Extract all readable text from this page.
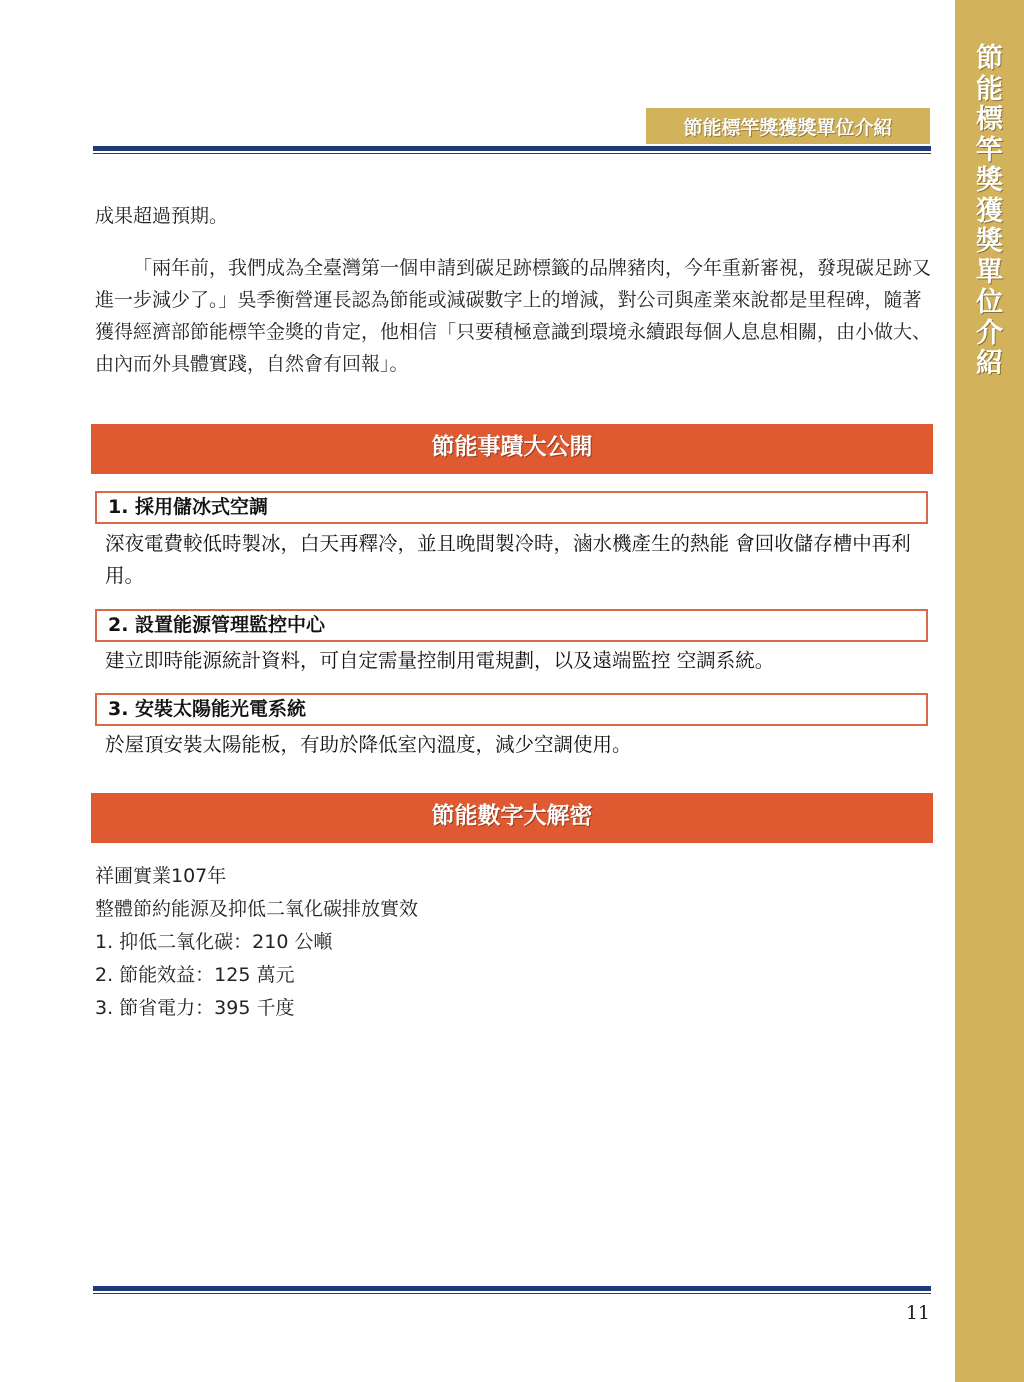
節
能
標
竿
獎
獲
獎
單
位
介
紹
節能標竿獎獲獎單位介紹

成果超過預期。

「兩年前，我們成為全臺灣第一個申請到碳足跡標籤的品牌豬肉，今年重新審視，發現碳足跡又進一步減少了。」吳季衡營運長認為節能或減碳數字上的增減，對公司與產業來說都是里程碑，隨著獲得經濟部節能標竿金獎的肯定，他相信「只要積極意識到環境永續跟每個人息息相關，由小做大、由內而外具體實踐，自然會有回報」。

節能事蹟大公開
1. 採用儲冰式空調
深夜電費較低時製冰，白天再釋冷，並且晚間製冷時，滷水機產生的熱能 會回收儲存槽中再利用。
2. 設置能源管理監控中心
建立即時能源統計資料，可自定需量控制用電規劃，以及遠端監控 空調系統。
3. 安裝太陽能光電系統
於屋頂安裝太陽能板，有助於降低室內溫度，減少空調使用。
節能數字大解密
祥圃實業107年
整體節約能源及抑低二氧化碳排放實效
1. 抑低二氧化碳：210 公噸
2. 節能效益：125 萬元
3. 節省電力：395 千度
11
